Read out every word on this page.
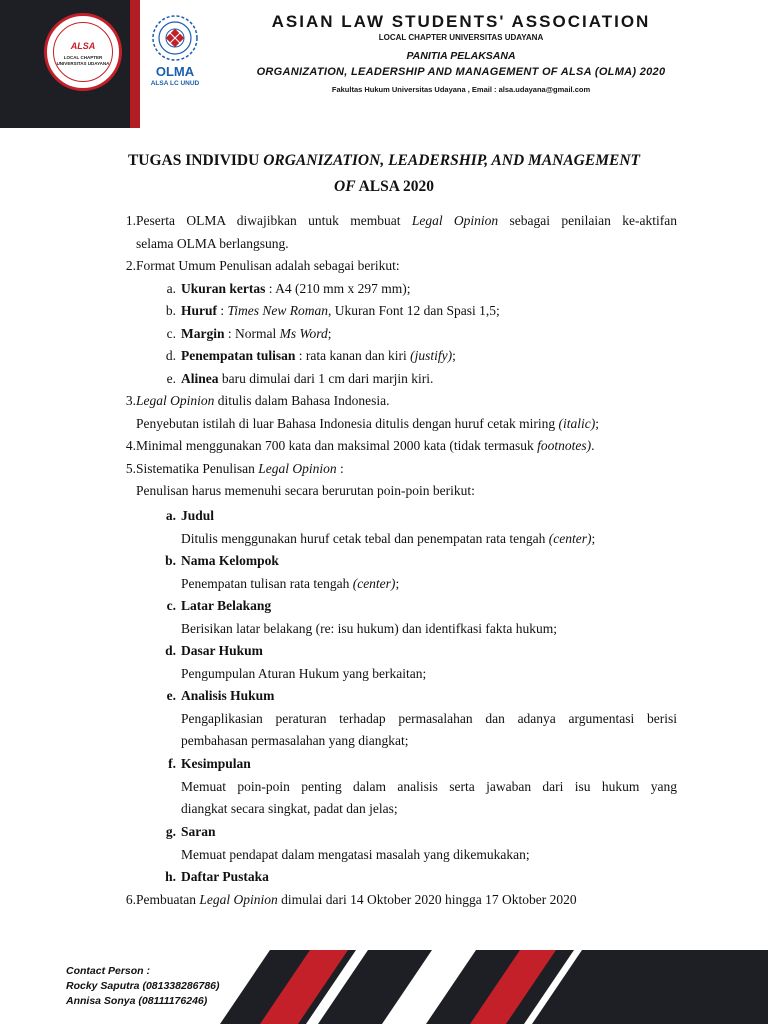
ALSA
LOCAL CHAPTER
UNIVERSITAS UDAYANA
OLMA
ALSA LC UNUD
ASIAN LAW STUDENTS' ASSOCIATION
LOCAL CHAPTER UNIVERSITAS UDAYANA
PANITIA PELAKSANA
ORGANIZATION, LEADERSHIP AND MANAGEMENT OF ALSA (OLMA) 2020
Fakultas Hukum Universitas Udayana , Email : alsa.udayana@gmail.com
TUGAS INDIVIDU ORGANIZATION, LEADERSHIP, AND MANAGEMENT
OF ALSA 2020
1. Peserta OLMA diwajibkan untuk membuat Legal Opinion sebagai penilaian ke-aktifan
selama OLMA berlangsung.
2. Format Umum Penulisan adalah sebagai berikut:
a. Ukuran kertas : A4 (210 mm x 297 mm);
b. Huruf : Times New Roman, Ukuran Font 12 dan Spasi 1,5;
c. Margin : Normal Ms Word;
d. Penempatan tulisan : rata kanan dan kiri (justify);
e. Alinea baru dimulai dari 1 cm dari marjin kiri.
3. Legal Opinion ditulis dalam Bahasa Indonesia.
Penyebutan istilah di luar Bahasa Indonesia ditulis dengan huruf cetak miring (italic);
4. Minimal menggunakan 700 kata dan maksimal 2000 kata (tidak termasuk footnotes).
5. Sistematika Penulisan Legal Opinion :
Penulisan harus memenuhi secara berurutan poin-poin berikut:
a. Judul
Ditulis menggunakan huruf cetak tebal dan penempatan rata tengah (center);
b. Nama Kelompok
Penempatan tulisan rata tengah (center);
c. Latar Belakang
Berisikan latar belakang (re: isu hukum) dan identifkasi fakta hukum;
d. Dasar Hukum
Pengumpulan Aturan Hukum yang berkaitan;
e. Analisis Hukum
Pengaplikasian peraturan terhadap permasalahan dan adanya argumentasi berisi
pembahasan permasalahan yang diangkat;
f. Kesimpulan
Memuat poin-poin penting dalam analisis serta jawaban dari isu hukum yang
diangkat secara singkat, padat dan jelas;
g. Saran
Memuat pendapat dalam mengatasi masalah yang dikemukakan;
h. Daftar Pustaka
6. Pembuatan Legal Opinion dimulai dari 14 Oktober 2020 hingga 17 Oktober 2020
Contact Person :
Rocky Saputra (081338286786)
Annisa Sonya (08111176246)
